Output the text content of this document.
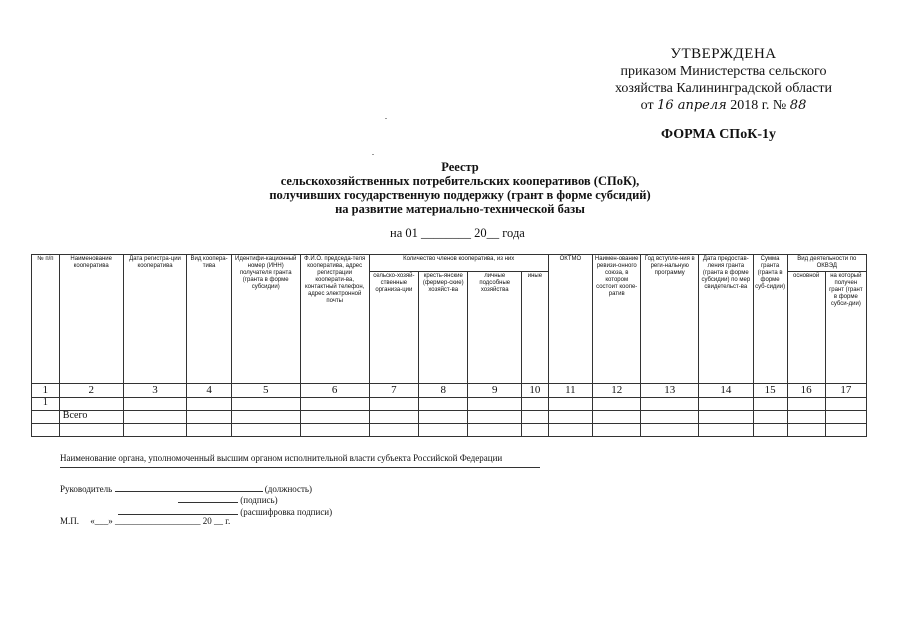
УТВЕРЖДЕНА
приказом Министерства сельского
хозяйства Калининградской области
от 16 апреля 2018 г. № 88
ФОРМА СПоК-1у
Реестр
сельскохозяйственных потребительских кооперативов (СПоК),
получивших государственную поддержку (грант в форме субсидий)
на развитие материально-технической базы
на 01 ________ 20__ года
№ п/п	Наименование кооператива	Дата регистра-ции кооператива	Вид коопера-тива	Идентифи-кационный номер (ИНН) получателя гранта (гранта в форме субсидии)	Ф.И.О. председа-теля кооператива, адрес регистрации кооперати-ва, контактный телефон, адрес электронной почты	Количество членов кооператива, из них				ОКТМО	Наимен-ование ревизи-онного союза, в котором состоит коопе-ратив	Год вступле-ния в реги-нальную программу	Дата предостав-ления гранта (гранта в форме субсидии) по мер свидетельст-ва	Сумма гранта (гранта в форме суб-сидии)	Вид деятельности по ОКВЭД	
						сельско-хозяй-ственные организа-ции	кресть-янские (фермер-ские) хозяйст-ва	личные подсобные хозяйства	иные						основной	на который получен грант (грант в форме субси-дии)
1	2	3	4	5	6	7	8	9	10	11	12	13	14	15	16	17
1																
	Всего															

Наименование органа, уполномоченный высшим органом исполнительной власти субъекта Российской Федерации
Руководитель	(должность)
(подпись)
(расшифровка подписи)
М.П. «___» ___________________ 20 __ г.
